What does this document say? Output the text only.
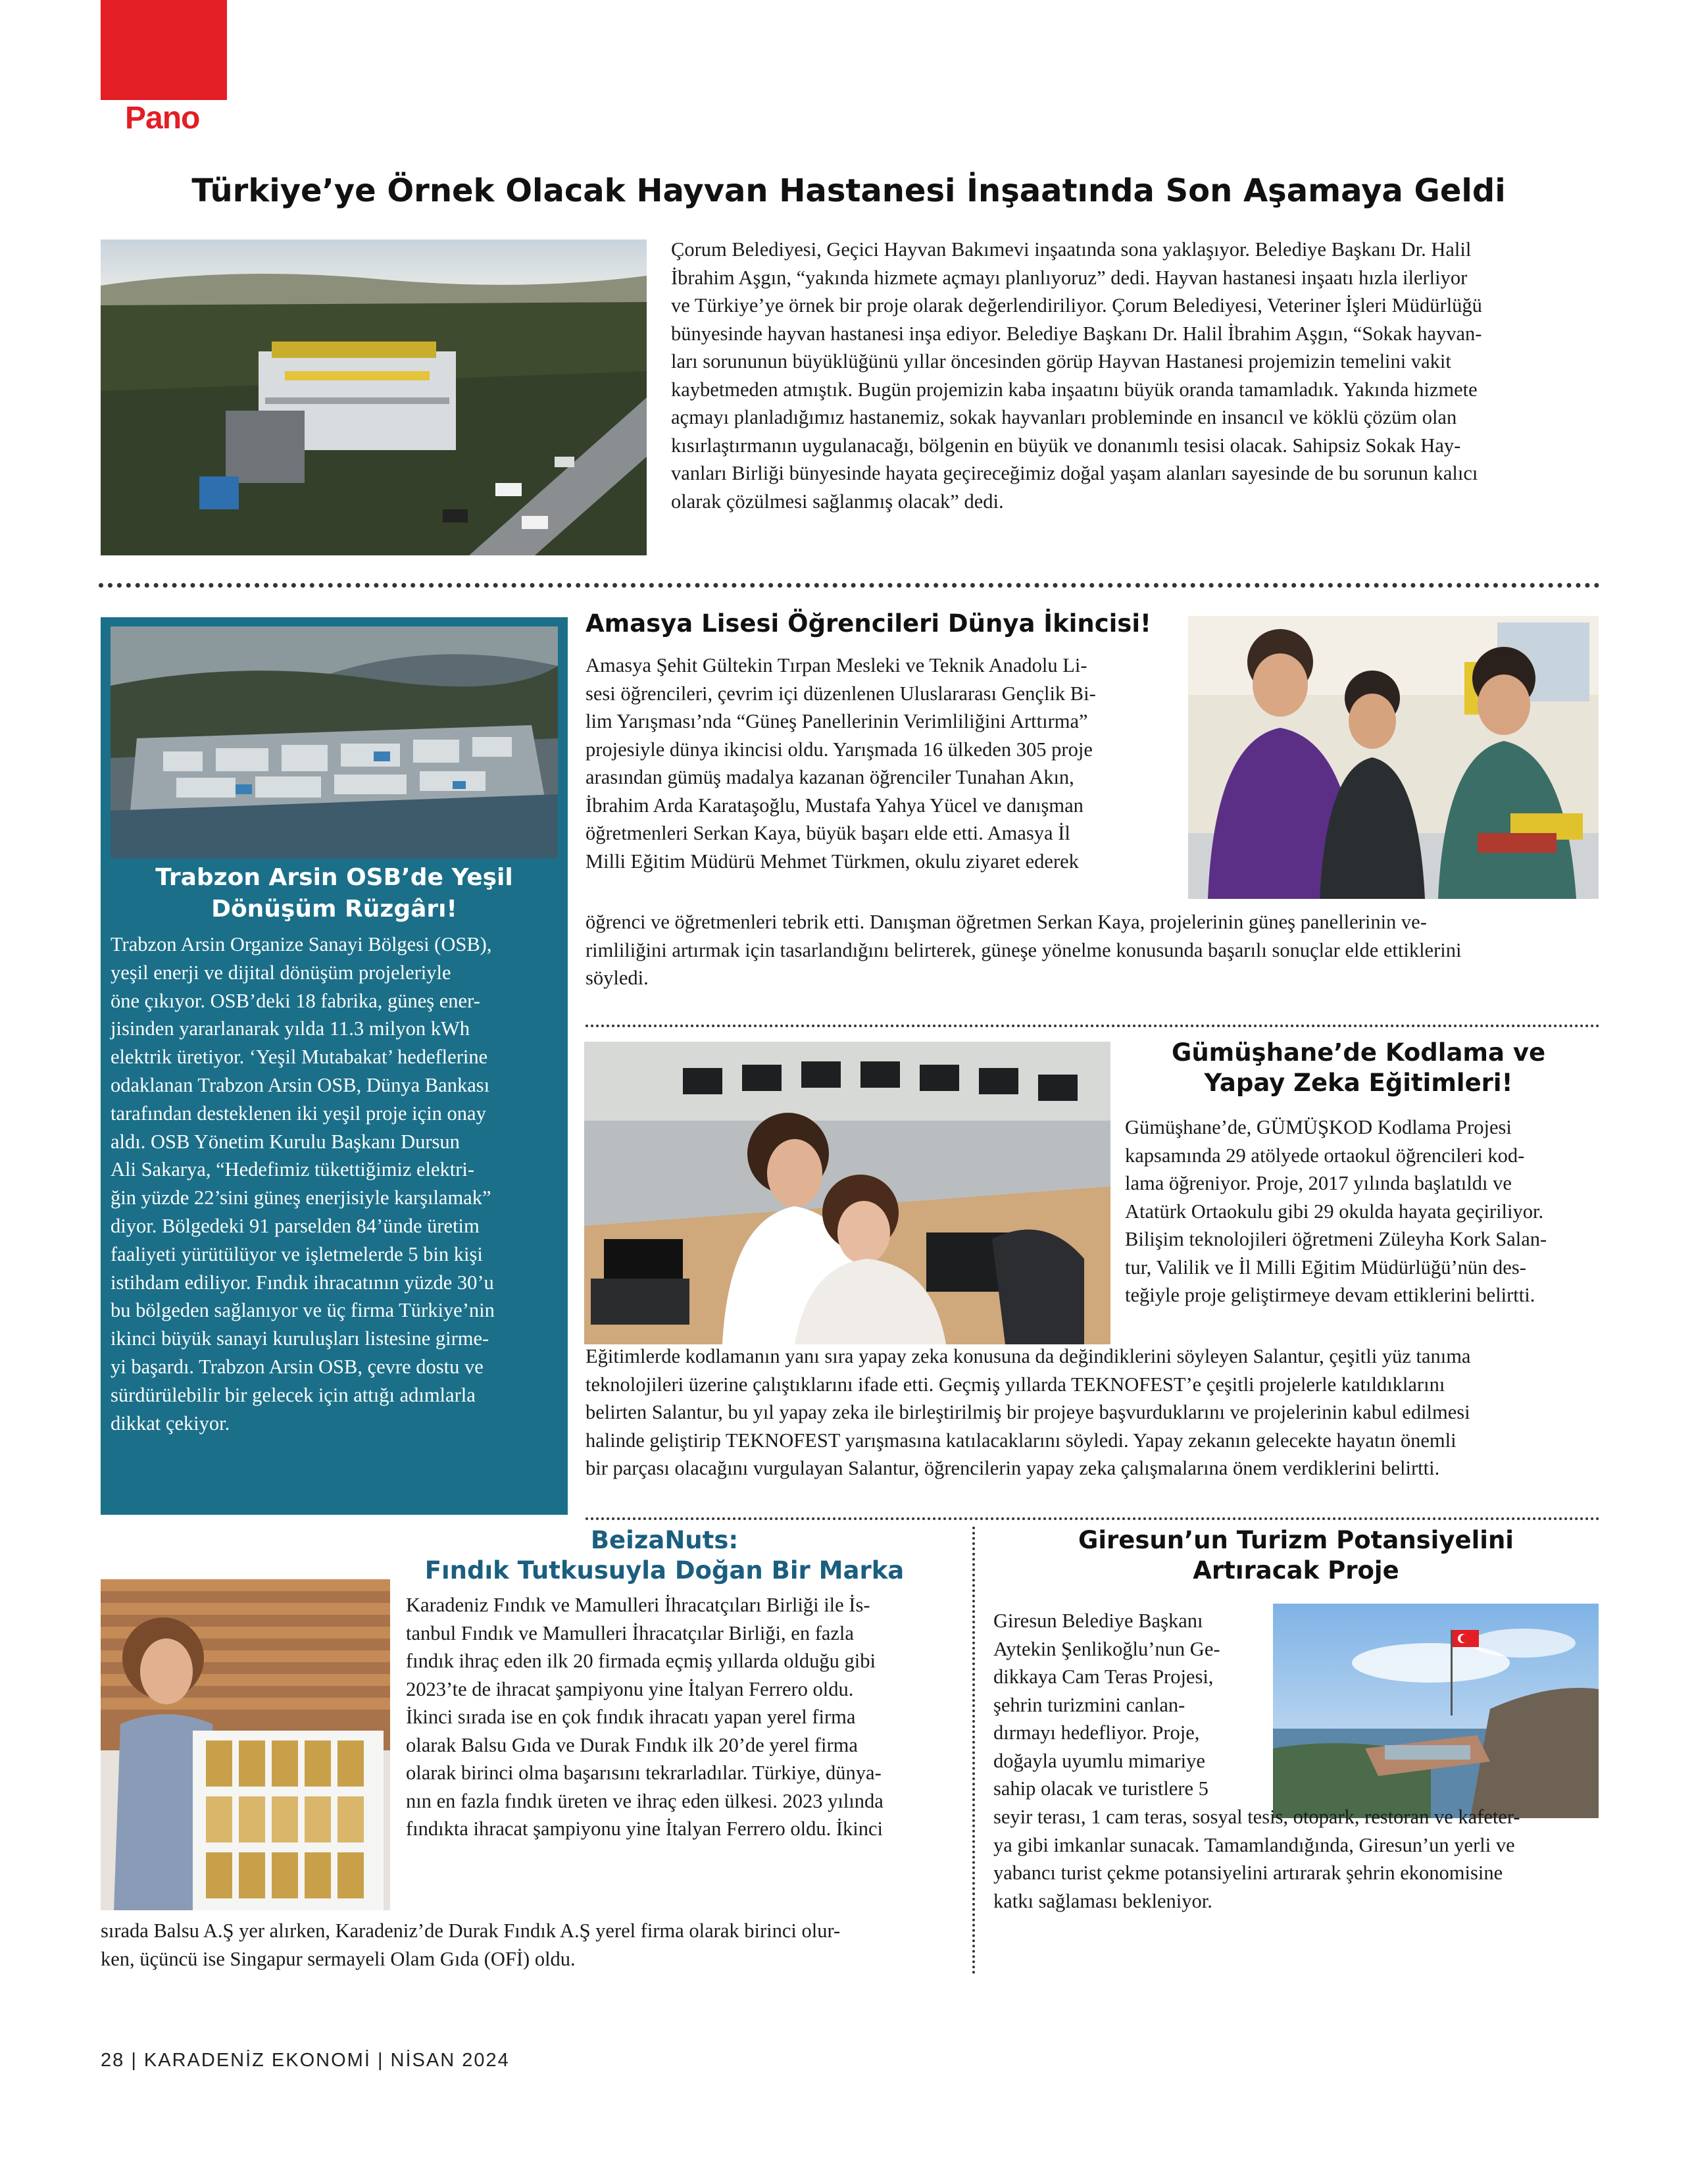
Pano
Türkiye’ye Örnek Olacak Hayvan Hastanesi İnşaatında Son Aşamaya Geldi
Çorum Belediyesi, Geçici Hayvan Bakımevi inşaatında sona yaklaşıyor. Belediye Başkanı Dr. Halil
İbrahim Aşgın, “yakında hizmete açmayı planlıyoruz” dedi. Hayvan hastanesi inşaatı hızla ilerliyor
ve Türkiye’ye örnek bir proje olarak değerlendiriliyor. Çorum Belediyesi, Veteriner İşleri Müdürlüğü
bünyesinde hayvan hastanesi inşa ediyor. Belediye Başkanı Dr. Halil İbrahim Aşgın, “Sokak hayvan-
ları sorununun büyüklüğünü yıllar öncesinden görüp Hayvan Hastanesi projemizin temelini vakit
kaybetmeden atmıştık. Bugün projemizin kaba inşaatını büyük oranda tamamladık. Yakında hizmete
açmayı planladığımız hastanemiz, sokak hayvanları probleminde en insancıl ve köklü çözüm olan
kısırlaştırmanın uygulanacağı, bölgenin en büyük ve donanımlı tesisi olacak. Sahipsiz Sokak Hay-
vanları Birliği bünyesinde hayata geçireceğimiz doğal yaşam alanları sayesinde de bu sorunun kalıcı
olarak çözülmesi sağlanmış olacak” dedi.
Trabzon Arsin OSB’de Yeşil
Dönüşüm Rüzgârı!
Trabzon Arsin Organize Sanayi Bölgesi (OSB),
yeşil enerji ve dijital dönüşüm projeleriyle
öne çıkıyor. OSB’deki 18 fabrika, güneş ener-
jisinden yararlanarak yılda 11.3 milyon kWh
elektrik üretiyor. ‘Yeşil Mutabakat’ hedeflerine
odaklanan Trabzon Arsin OSB, Dünya Bankası
tarafından desteklenen iki yeşil proje için onay
aldı. OSB Yönetim Kurulu Başkanı Dursun
Ali Sakarya, “Hedefimiz tükettiğimiz elektri-
ğin yüzde 22’sini güneş enerjisiyle karşılamak”
diyor. Bölgedeki 91 parselden 84’ünde üretim
faaliyeti yürütülüyor ve işletmelerde 5 bin kişi
istihdam ediliyor. Fındık ihracatının yüzde 30’u
bu bölgeden sağlanıyor ve üç firma Türkiye’nin
ikinci büyük sanayi kuruluşları listesine girme-
yi başardı. Trabzon Arsin OSB, çevre dostu ve
sürdürülebilir bir gelecek için attığı adımlarla
dikkat çekiyor.
Amasya Lisesi Öğrencileri Dünya İkincisi!
Amasya Şehit Gültekin Tırpan Mesleki ve Teknik Anadolu Li-
sesi öğrencileri, çevrim içi düzenlenen Uluslararası Gençlik Bi-
lim Yarışması’nda “Güneş Panellerinin Verimliliğini Arttırma”
projesiyle dünya ikincisi oldu. Yarışmada 16 ülkeden 305 proje
arasından gümüş madalya kazanan öğrenciler Tunahan Akın,
İbrahim Arda Karataşoğlu, Mustafa Yahya Yücel ve danışman
öğretmenleri Serkan Kaya, büyük başarı elde etti. Amasya İl
Milli Eğitim Müdürü Mehmet Türkmen, okulu ziyaret ederek
öğrenci ve öğretmenleri tebrik etti. Danışman öğretmen Serkan Kaya, projelerinin güneş panellerinin ve-
rimliliğini artırmak için tasarlandığını belirterek, güneşe yönelme konusunda başarılı sonuçlar elde ettiklerini
söyledi.
Gümüşhane’de Kodlama ve
Yapay Zeka Eğitimleri!
Gümüşhane’de, GÜMÜŞKOD Kodlama Projesi
kapsamında 29 atölyede ortaokul öğrencileri kod-
lama öğreniyor. Proje, 2017 yılında başlatıldı ve
Atatürk Ortaokulu gibi 29 okulda hayata geçiriliyor.
Bilişim teknolojileri öğretmeni Züleyha Kork Salan-
tur, Valilik ve İl Milli Eğitim Müdürlüğü’nün des-
teğiyle proje geliştirmeye devam ettiklerini belirtti.
Eğitimlerde kodlamanın yanı sıra yapay zeka konusuna da değindiklerini söyleyen Salantur, çeşitli yüz tanıma
teknolojileri üzerine çalıştıklarını ifade etti. Geçmiş yıllarda TEKNOFEST’e çeşitli projelerle katıldıklarını
belirten Salantur, bu yıl yapay zeka ile birleştirilmiş bir projeye başvurduklarını ve projelerinin kabul edilmesi
halinde geliştirip TEKNOFEST yarışmasına katılacaklarını söyledi. Yapay zekanın gelecekte hayatın önemli
bir parçası olacağını vurgulayan Salantur, öğrencilerin yapay zeka çalışmalarına önem verdiklerini belirtti.
BeizaNuts:
Fındık Tutkusuyla Doğan Bir Marka
Karadeniz Fındık ve Mamulleri İhracatçıları Birliği ile İs-
tanbul Fındık ve Mamulleri İhracatçılar Birliği, en fazla
fındık ihraç eden ilk 20 firmada eçmiş yıllarda olduğu gibi
2023’te de ihracat şampiyonu yine İtalyan Ferrero oldu.
İkinci sırada ise en çok fındık ihracatı yapan yerel firma
olarak Balsu Gıda ve Durak Fındık ilk 20’de yerel firma
olarak birinci olma başarısını tekrarladılar. Türkiye, dünya-
nın en fazla fındık üreten ve ihraç eden ülkesi. 2023 yılında
fındıkta ihracat şampiyonu yine İtalyan Ferrero oldu. İkinci
sırada Balsu A.Ş yer alırken, Karadeniz’de Durak Fındık A.Ş yerel firma olarak birinci olur-
ken, üçüncü ise Singapur sermayeli Olam Gıda (OFİ) oldu.
Giresun’un Turizm Potansiyelini
Artıracak Proje
Giresun Belediye Başkanı
Aytekin Şenlikoğlu’nun Ge-
dikkaya Cam Teras Projesi,
şehrin turizmini canlan-
dırmayı hedefliyor. Proje,
doğayla uyumlu mimariye
sahip olacak ve turistlere 5
seyir terası, 1 cam teras, sosyal tesis, otopark, restoran ve kafeter-
ya gibi imkanlar sunacak. Tamamlandığında, Giresun’un yerli ve
yabancı turist çekme potansiyelini artırarak şehrin ekonomisine
katkı sağlaması bekleniyor.
28 | KARADENİZ EKONOMİ | NİSAN 2024
